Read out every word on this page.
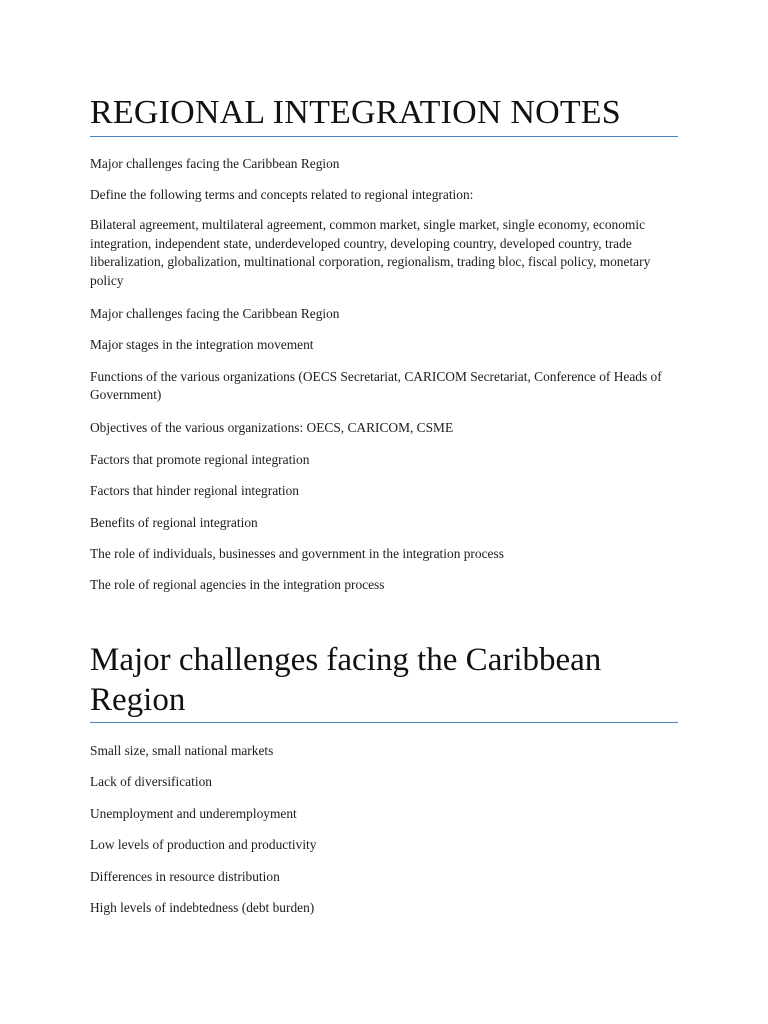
REGIONAL INTEGRATION NOTES

Major challenges facing the Caribbean Region

Define the following terms and concepts related to regional integration:

Bilateral agreement, multilateral agreement, common market, single market, single economy, economic integration, independent state, underdeveloped country, developing country, developed country, trade liberalization, globalization, multinational corporation, regionalism, trading bloc, fiscal policy, monetary policy

Major challenges facing the Caribbean Region

Major stages in the integration movement

Functions of the various organizations (OECS Secretariat, CARICOM Secretariat, Conference of Heads of Government)

Objectives of the various organizations: OECS, CARICOM, CSME

Factors that promote regional integration

Factors that hinder regional integration

Benefits of regional integration

The role of individuals, businesses and government in the integration process

The role of regional agencies in the integration process

Major challenges facing the Caribbean Region

Small size, small national markets

Lack of diversification

Unemployment and underemployment

Low levels of production and productivity

Differences in resource distribution

High levels of indebtedness (debt burden)
